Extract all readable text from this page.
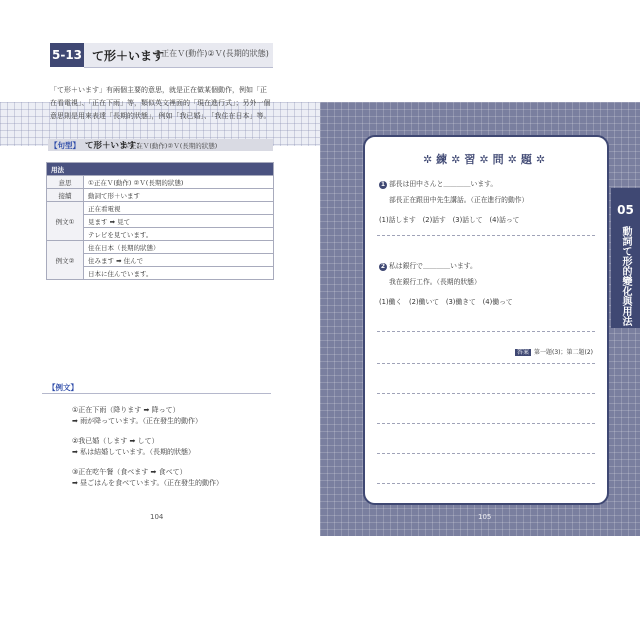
5-13 て形＋います
①正在Ｖ(動作)②Ｖ(長期的狀態)
「て形＋います」有兩個主要的意思，就是正在做某個動作，例如「正在看電視」、「正在下雨」等，類似英文裡面的「現在進行式」；另外一個意思則是用來表達「長期的狀態」，例如「我已婚」、「我住在日本」等。
【句型】 て形＋います：
①正在Ｖ(動作)②Ｖ(長期的狀態)
用法	
意思	①正在Ｖ(動作) ②Ｖ(長期的狀態)
接續	動詞て形＋います
例文①	正在看電視
	見ます ➡ 見て
	テレビを見ています。
例文②	住在日本（長期的狀態）
	住みます ➡ 住んで
	日本に住んでいます。
【例文】
①正在下雨（降ります ➡ 降って）
➡ 雨が降っています。（正在發生的動作）
②我已婚（します ➡ して）
➡ 私は結婚しています。（長期的狀態）
③正在吃午餐（食べます ➡ 食べて）
➡ 昼ごはんを食べています。（正在發生的動作）
104
✲練✲習✲問✲題✲
1 部長は田中さんと＿＿＿＿います。
部長正在跟田中先生講話。（正在進行的動作）
(1)話します　(2)話す　(3)話して　(4)話って
2 私は銀行で＿＿＿＿います。
我在銀行工作。（長期的狀態）
(1)働く　(2)働いて　(3)働きて　(4)働って
答案 第一題(3)；第二題(2)
105
05
動詞て形的變化與用法
